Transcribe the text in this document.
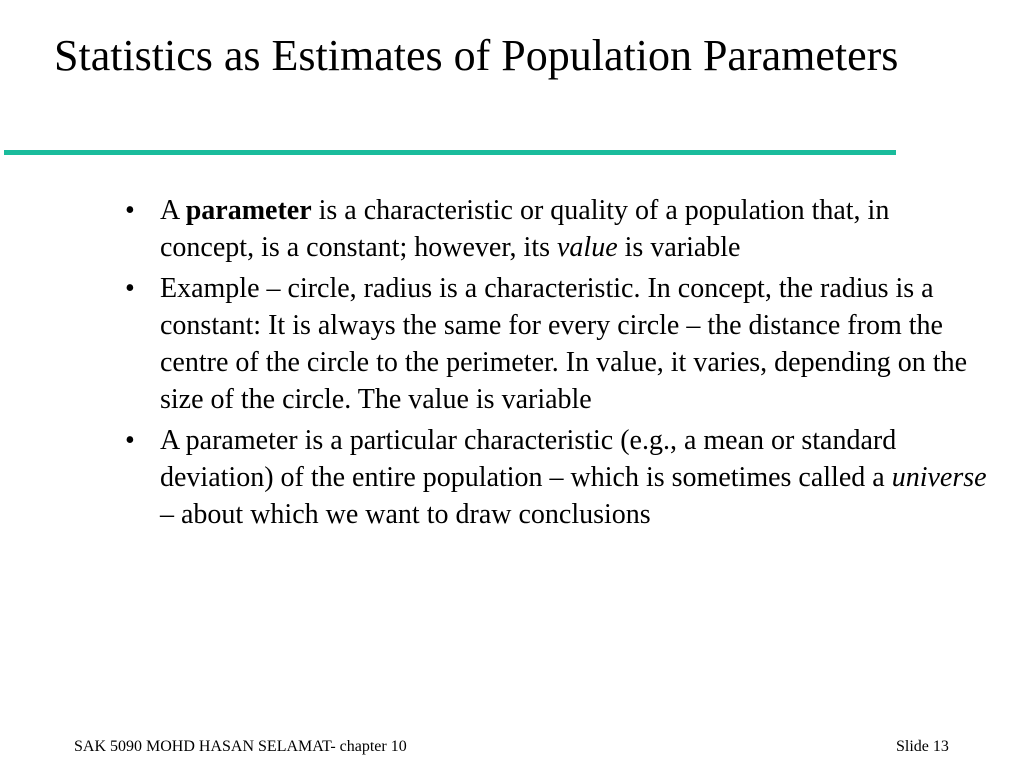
Statistics as Estimates of Population Parameters
• A parameter is a characteristic or quality of a population that, in concept, is a constant; however, its value is variable
• Example – circle, radius is a characteristic. In concept, the radius is a constant: It is always the same for every circle – the distance from the centre of the circle to the perimeter. In value, it varies, depending on the size of the circle. The value is variable
• A parameter is a particular characteristic (e.g., a mean or standard deviation) of the entire population – which is sometimes called a universe – about which we want to draw conclusions
SAK 5090 MOHD HASAN SELAMAT- chapter 10	Slide 13
